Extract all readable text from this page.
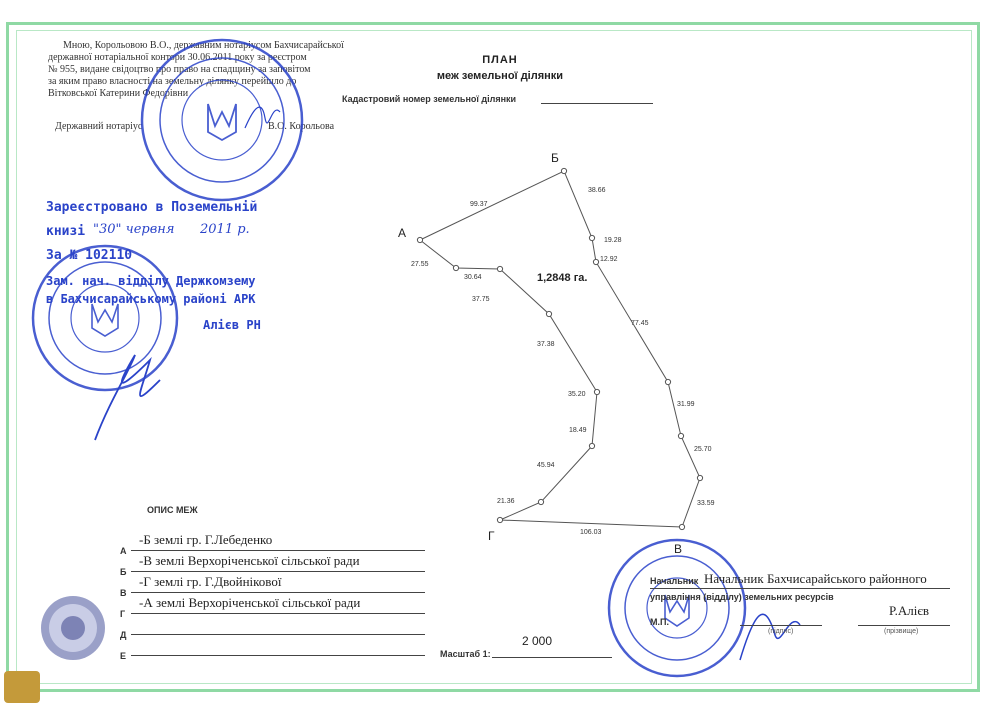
Мною, Корольовою В.О., державним нотаріусом Бахчисарайської
державної нотаріальної контори 30.06.2011 року за реєстром
№ 955, видане свідоцтво про право на спадщину за заповітом
за яким право власності на земельну ділянку перейшло до
Вітковської Катерини Федорівни
Державний нотаріус	В.О. Корольова
Зареєстровано в Поземельній
книзі "30" червня 2011 р.
За № 102110
Зам. нач. відділу Держкомзему
в Бахчисарайському районі АРК
Алієв РН
ПЛАН
меж земельної ділянки
Кадастровий номер земельної ділянки
38.66
19.28
12.92
77.45
31.99
25.70
33.59
106.03
21.36
45.94
18.49
35.20
37.38
37.75
30.64
27.55
99.37
А
Б
В
Г
1,2848 га.
ОПИС МЕЖ
А
-Б землі гр. Г.Лебеденко
Б
-В землі Верхоріченської сільської ради
В
-Г землі гр. Г.Двойнікової
Г
-А землі Верхоріченської сільської ради
Д
Е	Масштаб 1:
2 000
Начальник Начальник Бахчисарайського районного
управління (відділу) земельних ресурсів
М.П.
(підпис)
Р.Алієв
(прізвище)
